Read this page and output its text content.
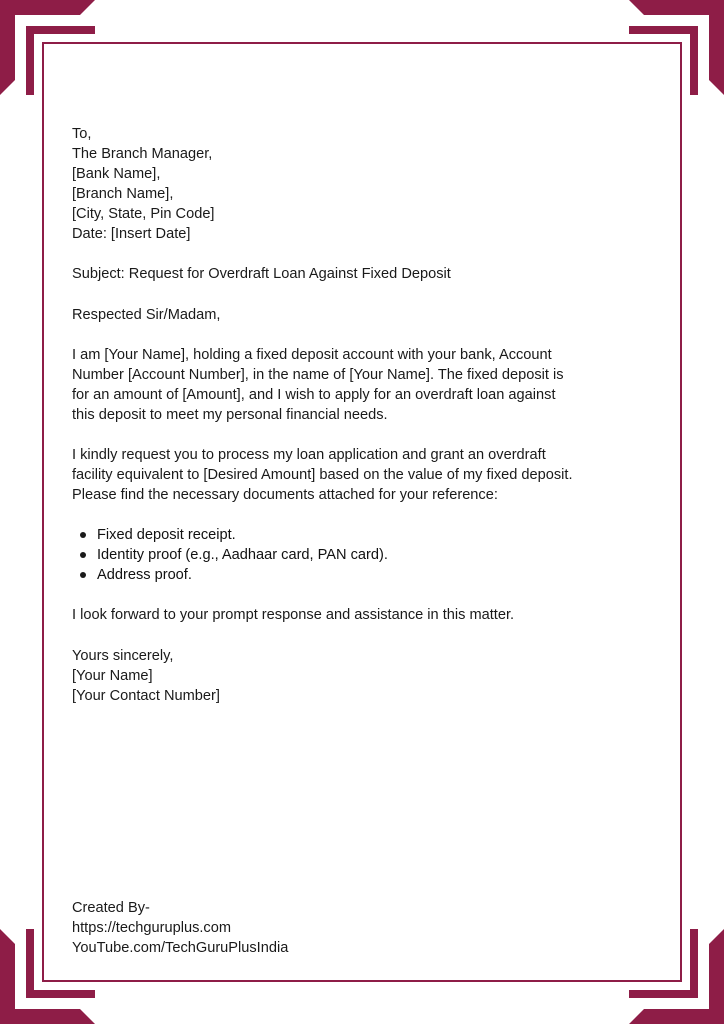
To,
The Branch Manager,
[Bank Name],
[Branch Name],
[City, State, Pin Code]
Date: [Insert Date]
Subject: Request for Overdraft Loan Against Fixed Deposit
Respected Sir/Madam,
I am [Your Name], holding a fixed deposit account with your bank, Account
Number [Account Number], in the name of [Your Name]. The fixed deposit is
for an amount of [Amount], and I wish to apply for an overdraft loan against
this deposit to meet my personal financial needs.
I kindly request you to process my loan application and grant an overdraft
facility equivalent to [Desired Amount] based on the value of my fixed deposit.
Please find the necessary documents attached for your reference:
Fixed deposit receipt.
Identity proof (e.g., Aadhaar card, PAN card).
Address proof.
I look forward to your prompt response and assistance in this matter.
Yours sincerely,
[Your Name]
[Your Contact Number]
Created By-
https://techguruplus.com
YouTube.com/TechGuruPlusIndia
